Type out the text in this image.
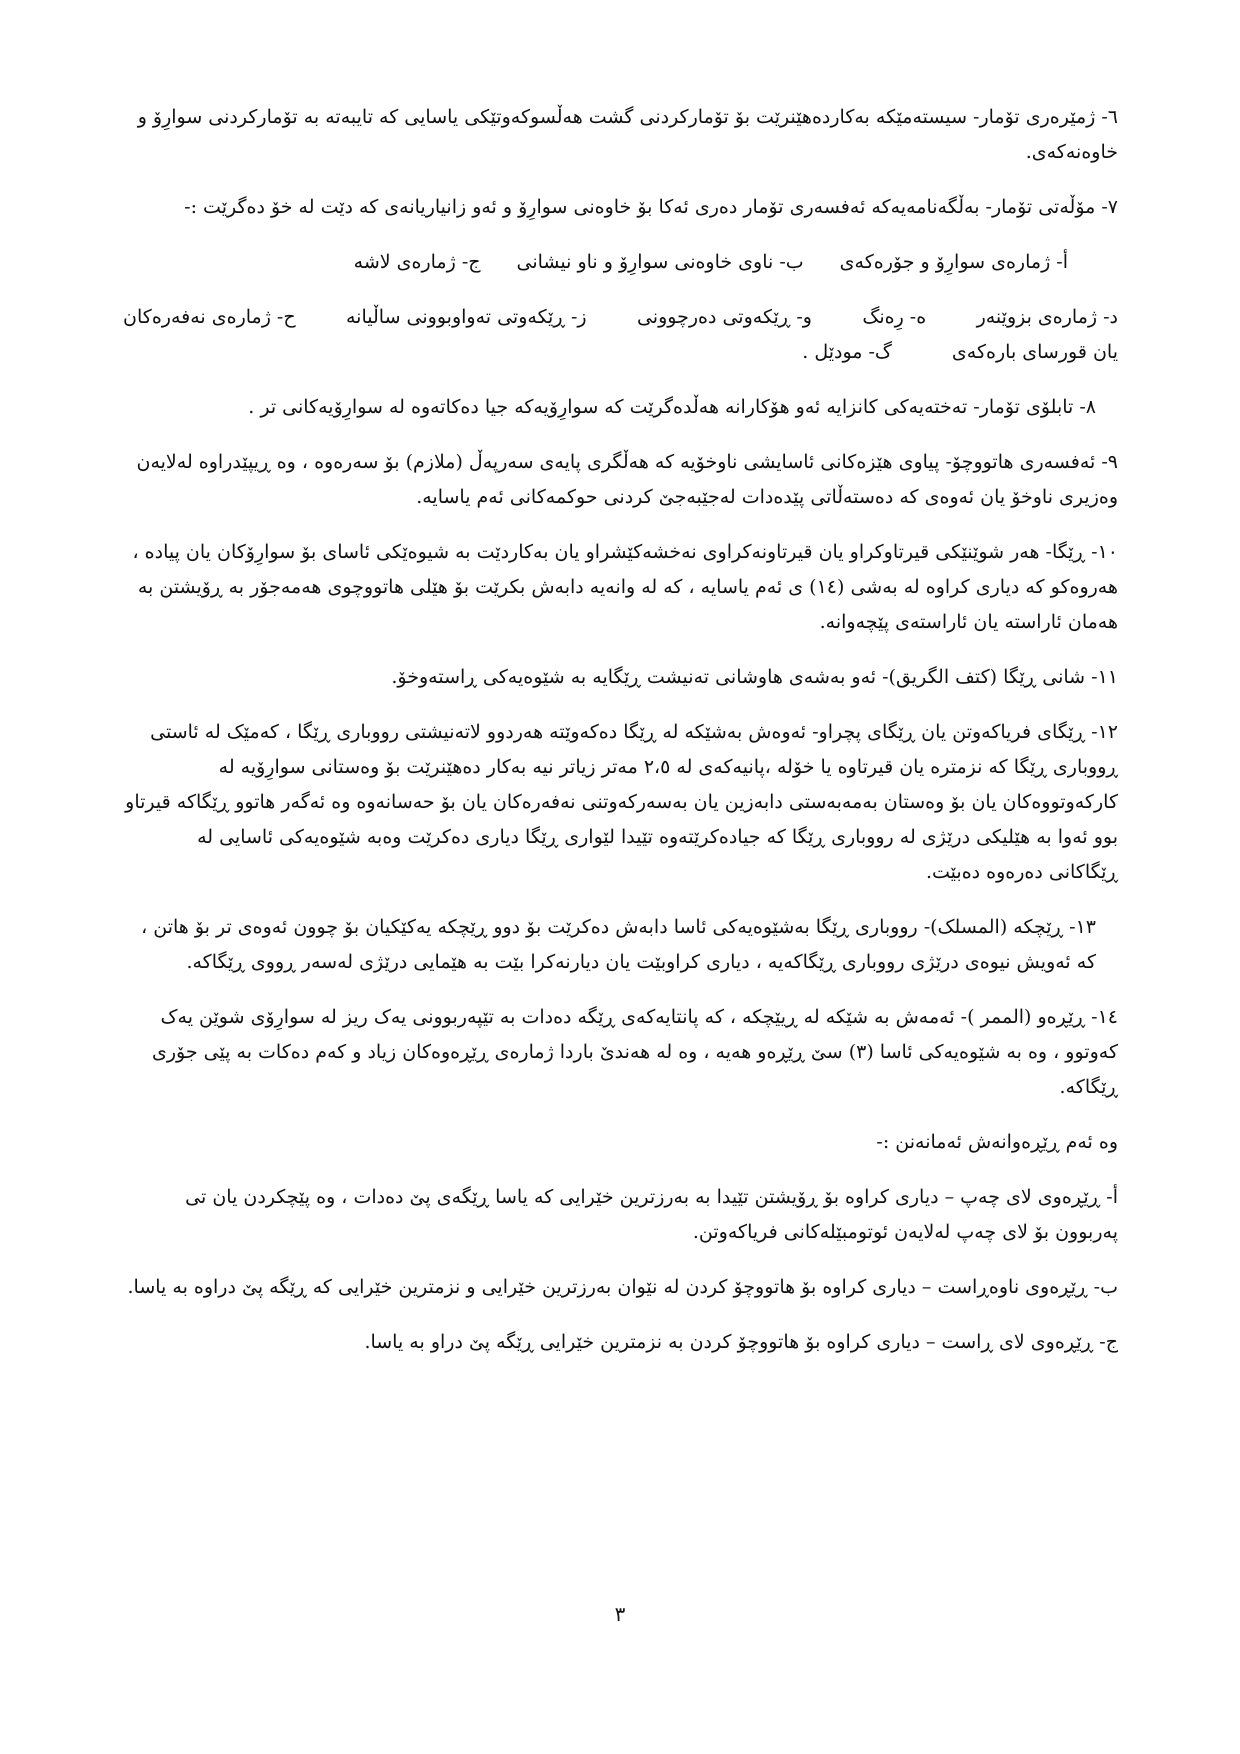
٦- ژمێرەری تۆمار- سیستەمێکە بەکاردەهێنرێت بۆ تۆمارکردنی گشت هەڵسوکەوتێکی یاسایی کە تایبەتە بە تۆمارکردنی سوارِۆ و خاوەنەکەی.

٧- مۆڵەتی تۆمار- بەڵگەنامەیەکە ئەفسەری تۆمار دەری ئەکا بۆ خاوەنی سوارِۆ و ئەو زانیاریانەی کە دێت لە خۆ دەگرێت :-

أ- ژمارەی سوارِۆ و جۆرەکەی
ب- ناوی خاوەنی سوارِۆ و ناو نیشانی
ج- ژمارەی لاشە
د- ژمارەی بزوێنەر
ه- رِەنگ
و- ڕێکەوتی دەرچوونی
ز- ڕێکەوتی تەواوبوونی ساڵیانە
ح- ژمارەی نەفەرەکان
یان قورسای بارەکەی
گ- مودێل .

٨- تابلۆی تۆمار- تەختەیەکی کانزایە ئەو هۆکارانە هەڵدەگرێت کە سوارِۆیەکە جیا دەکاتەوە لە سوارِۆیەکانی تر .

٩- ئەفسەری هاتووچۆ- پیاوی هێزەکانی ئاسایشی ناوخۆیە کە هەڵگری پایەی سەرپەڵ (ملازم) بۆ سەرەوە ، وە ڕیپێدراوە لەلایەن وەزیری ناوخۆ یان ئەوەی کە دەستەڵاتی پێدەدات لەجێبەجێ کردنی حوکمەکانی ئەم یاسایە.

١٠- ڕێگا- هەر شوێنێکی قیرتاوکراو یان قیرتاونەکراوی نەخشەکێشراو یان بەکاردێت بە شیوەێکی ئاسای بۆ سوارِۆکان یان پیادە ، هەروەکو کە دیاری کراوە لە بەشی (١٤) ی ئەم یاسایە ، کە لە وانەیە دابەش بکرێت بۆ هێلی هاتووچوی هەمەجۆر بە ڕۆیشتن بە هەمان ئاراستە یان ئاراستەی پێچەوانە.

١١- شانی ڕێگا (كتف الگريق)- ئەو بەشەی هاوشانی تەنیشت ڕێگایە بە شێوەیەکی ڕاستەوخۆ.

١٢- ڕێگای فریاکەوتن یان ڕێگای پچراو- ئەوەش بەشێکە لە ڕێگا دەکەوێتە هەردوو لاتەنیشتی رووباری ڕێگا ، کەمێک لە ئاستی ڕووباری ڕێگا کە نزمترە یان قیرتاوە یا خۆلە ،پانیەکەی لە ٢،٥ مەتر زیاتر نیە بەکار دەهێنرێت بۆ وەستانی سوارِۆیە لە کارکەوتووەکان یان بۆ وەستان بەمەبەستی دابەزین یان بەسەرکەوتنی نەفەرەکان یان بۆ حەسانەوە وە ئەگەر هاتوو ڕێگاکە قیرتاو بوو ئەوا بە هێلیکی درێژی لە رووباری ڕێگا کە جیادەکرێتەوە تێیدا لێواری ڕێگا دیاری دەکرێت وەبە شێوەیەکی ئاسایی لە ڕێگاکانی دەرەوە دەبێت.

١٣- ڕێچکە (المسلک)- رووباری ڕێگا بەشێوەیەکی ئاسا دابەش دەکرێت بۆ دوو ڕێچکە یەکێکیان بۆ چوون ئەوەی تر بۆ هاتن ، کە ئەویش نیوەی درێژی رووباری ڕێگاکەیە ، دیاری کراوبێت یان دیارنەکرا بێت بە هێمایی درێژی لەسەر ڕووی ڕێگاکە.

١٤- ڕێڕەو (الممر )- ئەمەش بە شێکە لە ڕیێچکە ، کە پانتایەکەی ڕێگە دەدات بە تێپەربوونی یەک ریز لە سوارِۆی شوێن یەک کەوتوو ، وە بە شێوەیەکی ئاسا (٣) سێ ڕێڕەو هەیە ، وە لە هەندێ باردا ژمارەی ڕێڕەوەکان زیاد و کەم دەکات بە پێی جۆری ڕێگاکە.

وە ئەم ڕێڕەوانەش ئەمانەنن :-

أ- ڕێڕەوی لای چەپ – دیاری کراوە بۆ ڕۆیشتن تێیدا بە بەرزترین خێرایی کە یاسا ڕێگەی پێ دەدات ، وە پێچکردن یان تی پەربوون بۆ لای چەپ لەلایەن ئوتومبێلەکانی فریاکەوتن.

ب- ڕێڕەوی ناوەڕاست – دیاری کراوە بۆ هاتووچۆ کردن لە نێوان بەرزترین خێرایی و نزمترین خێرایی کە ڕێگە پێ دراوە بە یاسا.

ج- ڕێڕەوی لای ڕاست – دیاری کراوە بۆ هاتووچۆ کردن بە نزمترین خێرایی ڕێگە پێ دراو بە یاسا.

٣
